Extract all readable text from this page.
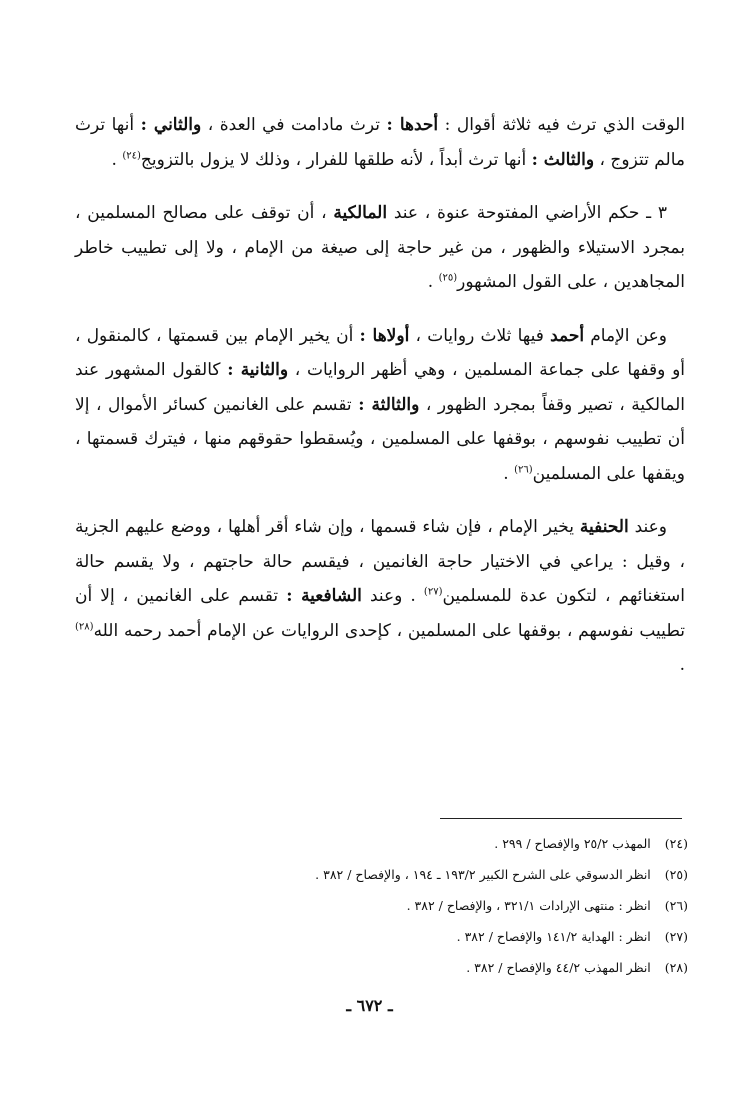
الوقت الذي ترث فيه ثلاثة أقوال : أحدها : ترث مادامت في العدة ، والثاني : أنها ترث مالم تتزوج ، والثالث : أنها ترث أبداً ، لأنه طلقها للفرار ، وذلك لا يزول بالتزويج$^{(٢٤)}$ .

٣ ـ حكم الأراضي المفتوحة عنوة ، عند المالكية ، أن توقف على مصالح المسلمين ، بمجرد الاستيلاء والظهور ، من غير حاجة إلى صيغة من الإمام ، ولا إلى تطييب خاطر المجاهدين ، على القول المشهور$^{(٢٥)}$ .

وعن الإمام أحمد فيها ثلاث روايات ، أولاها : أن يخير الإمام بين قسمتها ، كالمنقول ، أو وقفها على جماعة المسلمين ، وهي أظهر الروايات ، والثانية : كالقول المشهور عند المالكية ، تصير وقفاً بمجرد الظهور ، والثالثة : تقسم على الغانمين كسائر الأموال ، إلا أن تطييب نفوسهم ، بوقفها على المسلمين ، ويُسقطوا حقوقهم منها ، فيترك قسمتها ، ويقفها على المسلمين$^{(٢٦)}$ .

وعند الحنفية يخير الإمام ، فإن شاء قسمها ، وإن شاء أقر أهلها ، ووضع عليهم الجزية ، وقيل : يراعي في الاختيار حاجة الغانمين ، فيقسم حالة حاجتهم ، ولا يقسم حالة استغنائهم ، لتكون عدة للمسلمين$^{(٢٧)}$ . وعند الشافعية : تقسم على الغانمين ، إلا أن تطييب نفوسهم ، بوقفها على المسلمين ، كإحدى الروايات عن الإمام أحمد رحمه الله$^{(٢٨)}$ .

(٢٤)المهذب ٢٥/٢ والإفصاح / ٢٩٩ .
(٢٥)انظر الدسوقي على الشرح الكبير ١٩٣/٢ ـ ١٩٤ ، والإفصاح / ٣٨٢ .
(٢٦)انظر : منتهى الإرادات ٣٢١/١ ، والإفصاح / ٣٨٢ .
(٢٧)انظر : الهداية ١٤١/٢ والإفصاح / ٣٨٢ .
(٢٨)انظر المهذب ٤٤/٢ والإفصاح / ٣٨٢ .
ـ ٦٧٢ ـ
